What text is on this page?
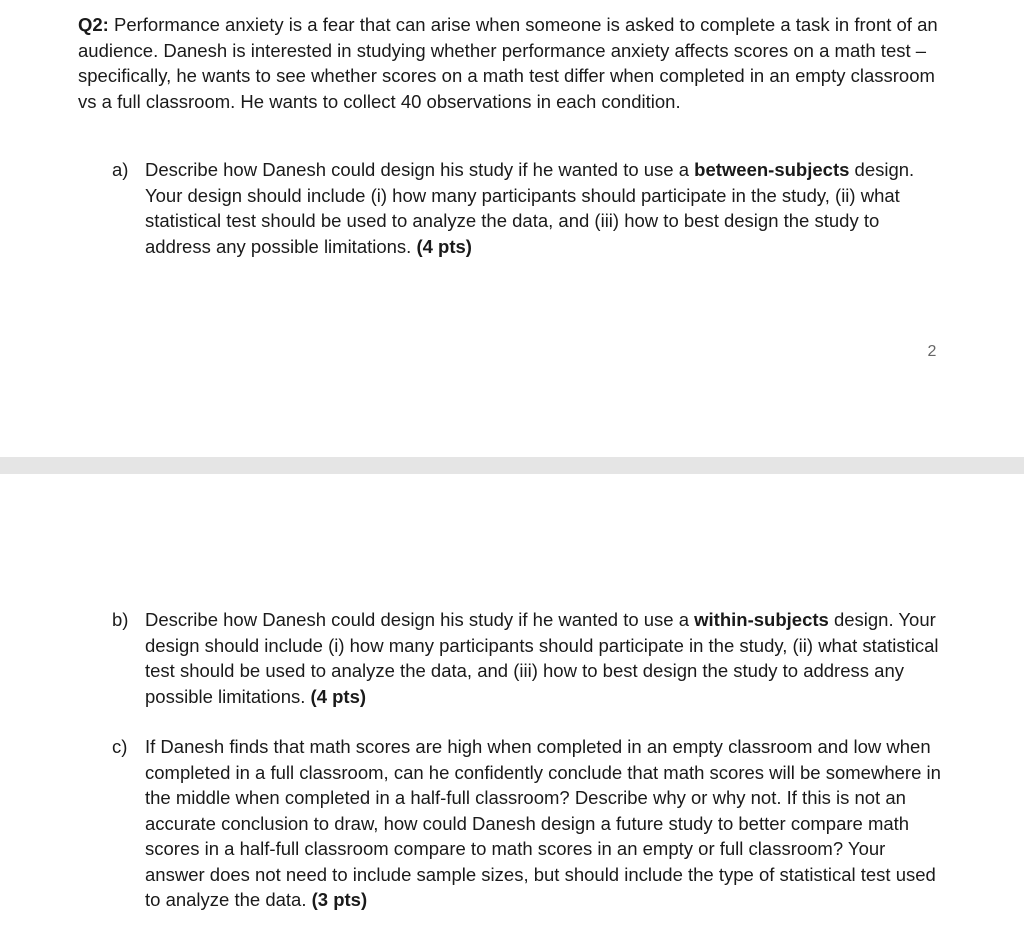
Q2: Performance anxiety is a fear that can arise when someone is asked to complete a task in front of an audience. Danesh is interested in studying whether performance anxiety affects scores on a math test – specifically, he wants to see whether scores on a math test differ when completed in an empty classroom vs a full classroom. He wants to collect 40 observations in each condition.

a) Describe how Danesh could design his study if he wanted to use a between-subjects design. Your design should include (i) how many participants should participate in the study, (ii) what statistical test should be used to analyze the data, and (iii) how to best design the study to address any possible limitations. (4 pts)

2
b) Describe how Danesh could design his study if he wanted to use a within-subjects design. Your design should include (i) how many participants should participate in the study, (ii) what statistical test should be used to analyze the data, and (iii) how to best design the study to address any possible limitations. (4 pts)

c) If Danesh finds that math scores are high when completed in an empty classroom and low when completed in a full classroom, can he confidently conclude that math scores will be somewhere in the middle when completed in a half-full classroom? Describe why or why not. If this is not an accurate conclusion to draw, how could Danesh design a future study to better compare math scores in a half-full classroom compare to math scores in an empty or full classroom? Your answer does not need to include sample sizes, but should include the type of statistical test used to analyze the data. (3 pts)
